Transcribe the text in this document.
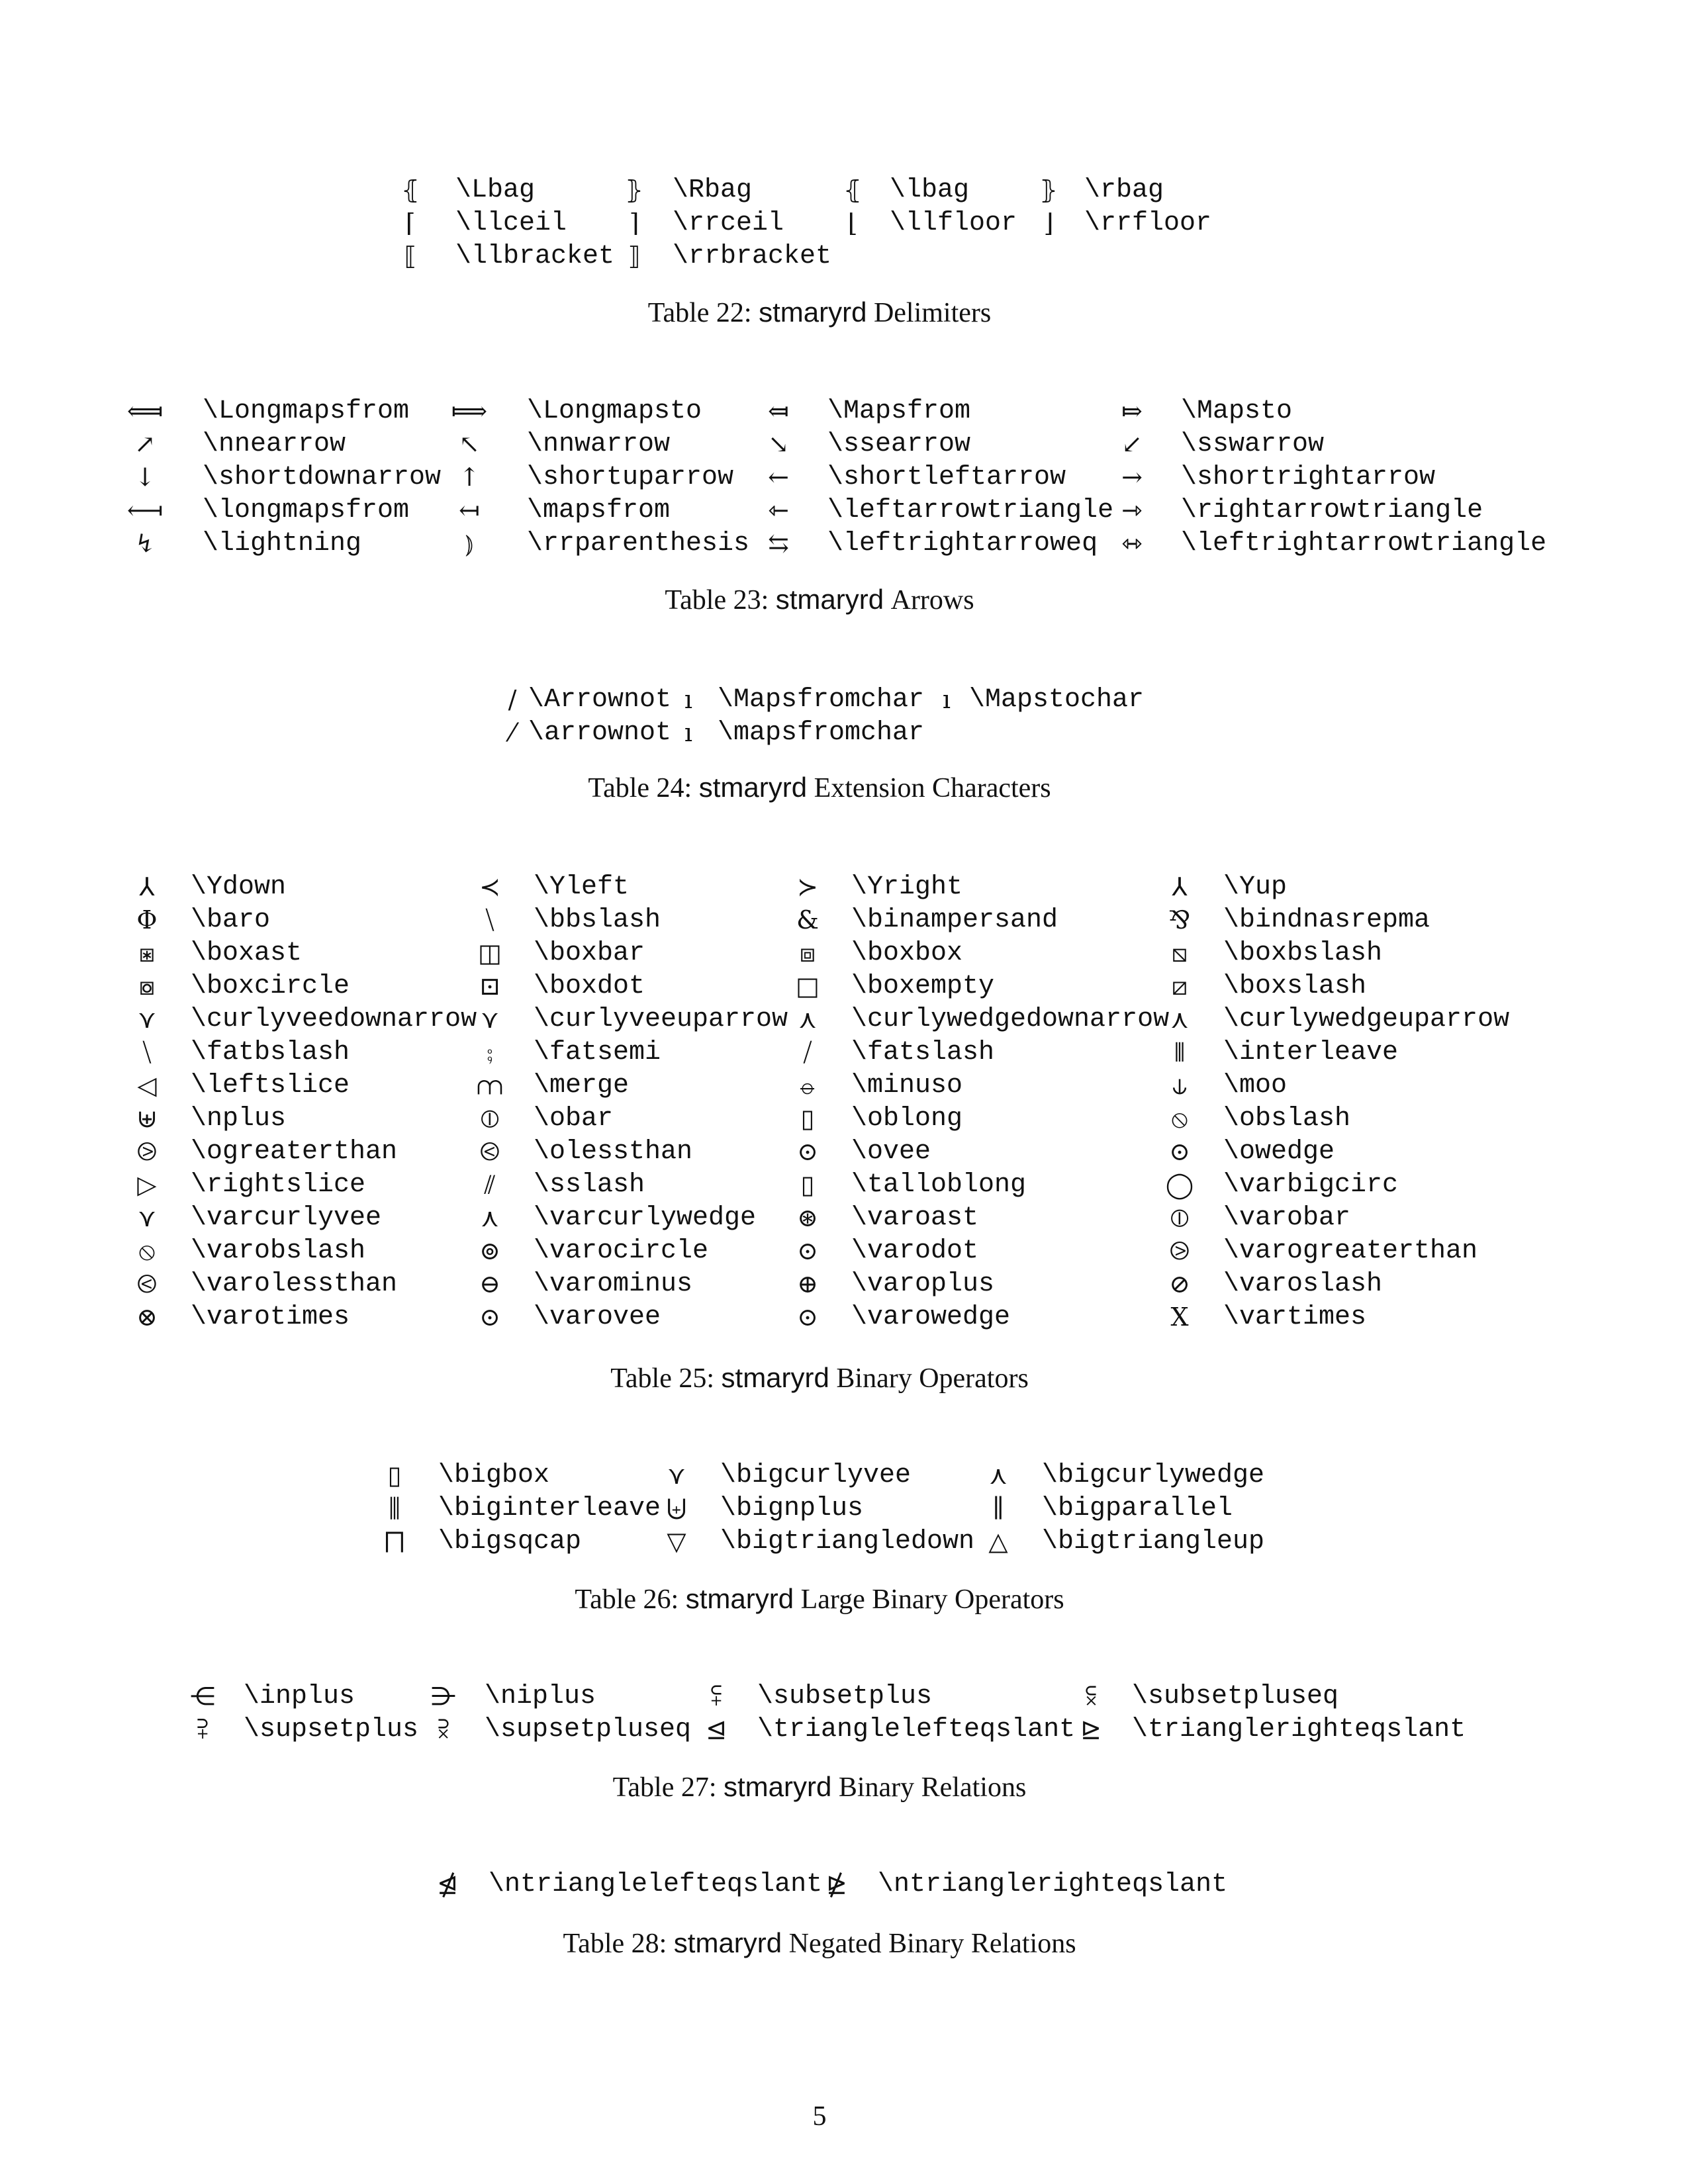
⦃ \Lbag	⦄ \Rbag	⦃ \lbag	⦄ \rbag
⌈	\llceil	⌉	\rrceil	⌊	\llfloor	⌋	\rrfloor
⟦ \llbracket ⟧ \rrbracket
Table 22: stmaryrd Delimiters
⟽ \Longmapsfrom	⟾ \Longmapsto	⤆ \Mapsfrom	⤇ \Mapsto
↗	\nnearrow	↖	\nnwarrow	↘ \ssearrow	↙ \sswarrow
↓	\shortdownarrow ↑	\shortuparrow	← \shortleftarrow	→ \shortrightarrow
⟻ \longmapsfrom	↤	\mapsfrom	⇽ \leftarrowtriangle ⇾ \rightarrowtriangle
↯	\lightning	⦆	\rrparenthesis ⇆ \leftrightarroweq ⇿ \leftrightarrowtriangle
Table 23: stmaryrd Arrows
/ \Arrownot ı \Mapsfromchar ı \Mapstochar
⁄ \arrownot ı \mapsfromchar
Table 24: stmaryrd Extension Characters
⅄ \Ydown	≺ \Yleft	≻ \Yright	⅄ \Yup
Φ \baro	⧹	\bbslash	& \binampersand	⅋ \bindnasrepma
⧆ \boxast	◫ \boxbar	⧈ \boxbox	⧅ \boxbslash
⧇ \boxcircle	⊡ \boxdot	□ \boxempty	⧄ \boxslash
⋎ \curlyveedownarrow ⋎ \curlyveeuparrow ⋏ \curlywedgedownarrow ⋏ \curlywedgeuparrow
⧹	\fatbslash	⨟	\fatsemi	⧸	\fatslash	⫴	\interleave
◁ \leftslice	⩋ \merge	⦵ \minuso	⫝ \moo
⊎ \nplus	⦶ \obar	▯ \oblong	⦸ \obslash
⧁ \ogreaterthan	⧀ \olessthan	⊙ \ovee	⊙ \owedge
▷ \rightslice	⫽	\sslash	▯ \talloblong	◯ \varbigcirc
⋎ \varcurlyvee	⋏ \varcurlywedge	⊛ \varoast	⦶ \varobar
⦸ \varobslash	⊚ \varocircle	⊙ \varodot	⧁ \varogreaterthan
⧀ \varolessthan	⊖ \varominus	⊕ \varoplus	⊘ \varoslash
⊗ \varotimes	⊙ \varovee	⊙ \varowedge	X \vartimes
Table 25: stmaryrd Binary Operators
▯ \bigbox	⋎ \bigcurlyvee	⋏ \bigcurlywedge
⫼	\biginterleave ⨄ \bignplus	∥	\bigparallel
⨅ \bigsqcap	▽ \bigtriangledown △ \bigtriangleup
Table 26: stmaryrd Large Binary Operators
⋲ \inplus	⋺ \niplus	⪿ \subsetplus	⫁ \subsetpluseq
⫀ \supsetplus ⫂ \supsetpluseq ⊴ \trianglelefteqslant ⊵ \trianglerighteqslant
Table 27: stmaryrd Binary Relations
⋬ \ntrianglelefteqslant ⋭ \ntrianglerighteqslant
Table 28: stmaryrd Negated Binary Relations
5
